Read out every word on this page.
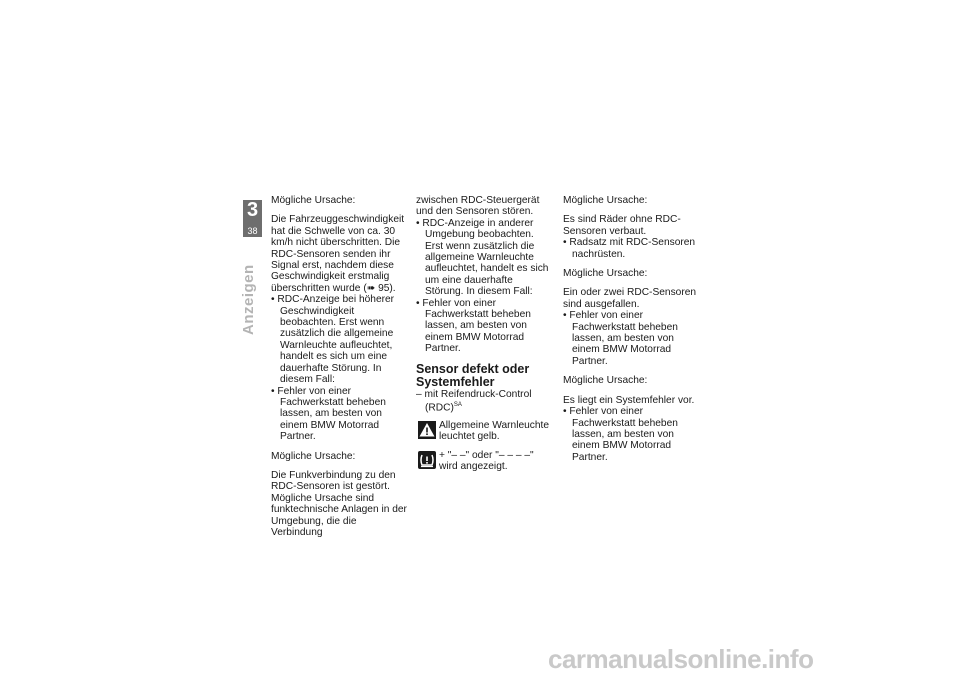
3
38
Anzeigen

Mögliche Ursache:

Die Fahrzeuggeschwindigkeit hat die Schwelle von ca. 30 km/h nicht überschritten. Die RDC-Sensoren senden ihr Signal erst, nachdem diese Geschwindigkeit erstmalig überschritten wurde (➠ 95).

• RDC-Anzeige bei höherer Geschwindigkeit beobachten. Erst wenn zusätzlich die allgemeine Warnleuchte aufleuchtet, handelt es sich um eine dauerhafte Störung. In diesem Fall:

• Fehler von einer Fachwerkstatt beheben lassen, am besten von einem BMW Motorrad Partner.

Mögliche Ursache:

Die Funkverbindung zu den RDC-Sensoren ist gestört. Mögliche Ursache sind funktechnische Anlagen in der Umgebung, die die Verbindung

zwischen RDC-Steuergerät und den Sensoren stören.

• RDC-Anzeige in anderer Umgebung beobachten. Erst wenn zusätzlich die allgemeine Warnleuchte aufleuchtet, handelt es sich um eine dauerhafte Störung. In diesem Fall:

• Fehler von einer Fachwerkstatt beheben lassen, am besten von einem BMW Motorrad Partner.

Sensor defekt oder Systemfehler

– mit Reifendruck-Control (RDC)$^{SA}$

Allgemeine Warnleuchte leuchtet gelb.

+ "– –" oder "– – – –" wird angezeigt.

Mögliche Ursache:

Es sind Räder ohne RDC-Sensoren verbaut.

• Radsatz mit RDC-Sensoren nachrüsten.

Mögliche Ursache:

Ein oder zwei RDC-Sensoren sind ausgefallen.

• Fehler von einer Fachwerkstatt beheben lassen, am besten von einem BMW Motorrad Partner.

Mögliche Ursache:

Es liegt ein Systemfehler vor.

• Fehler von einer Fachwerkstatt beheben lassen, am besten von einem BMW Motorrad Partner.

carmanualsonline.info
